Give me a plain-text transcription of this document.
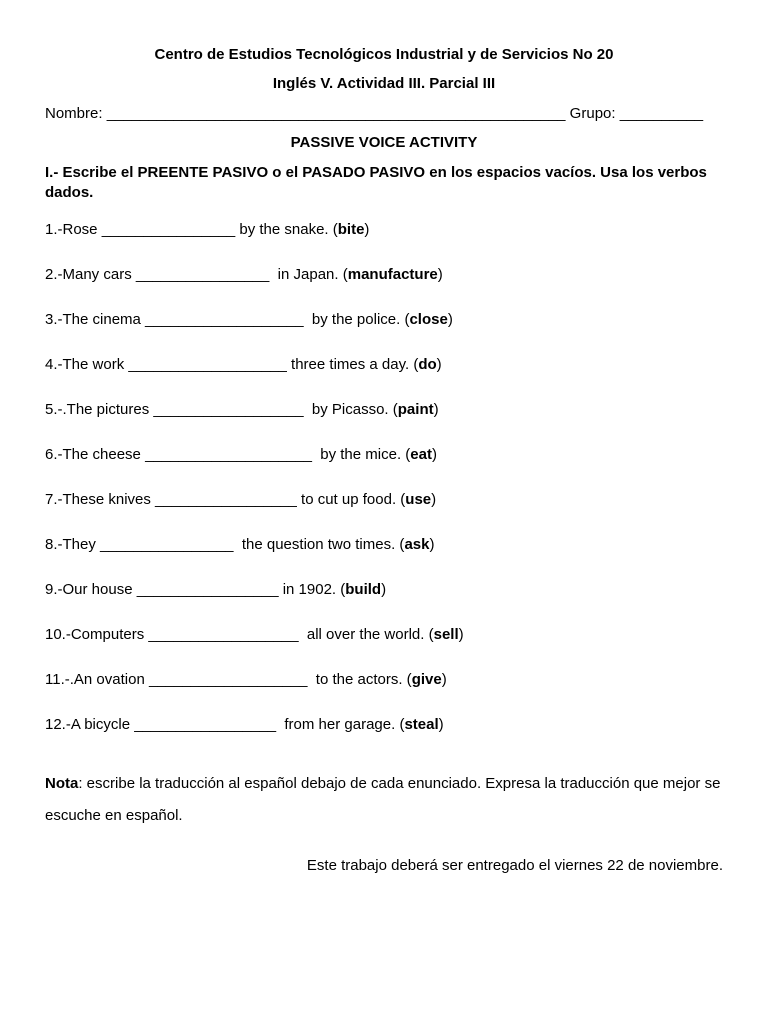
Centro de Estudios Tecnológicos Industrial y de Servicios No 20
Inglés V. Actividad III. Parcial III
Nombre: _______________________________________________________ Grupo: __________
PASSIVE VOICE ACTIVITY
I.- Escribe el PREENTE PASIVO o el PASADO PASIVO en los espacios vacíos. Usa los verbos dados.
1.-Rose ________________ by the snake. (bite)
2.-Many cars ________________  in Japan. (manufacture)
3.-The cinema ___________________  by the police. (close)
4.-The work ___________________ three times a day. (do)
5.-.The pictures __________________  by Picasso. (paint)
6.-The cheese ____________________  by the mice. (eat)
7.-These knives _________________ to cut up food. (use)
8.-They ________________  the question two times. (ask)
9.-Our house _________________ in 1902. (build)
10.-Computers __________________  all over the world. (sell)
11.-.An ovation ___________________  to the actors. (give)
12.-A bicycle _________________  from her garage. (steal)
Nota: escribe la traducción al español debajo de cada enunciado. Expresa la traducción que mejor se escuche en español.
Este trabajo deberá ser entregado el viernes 22 de noviembre.
